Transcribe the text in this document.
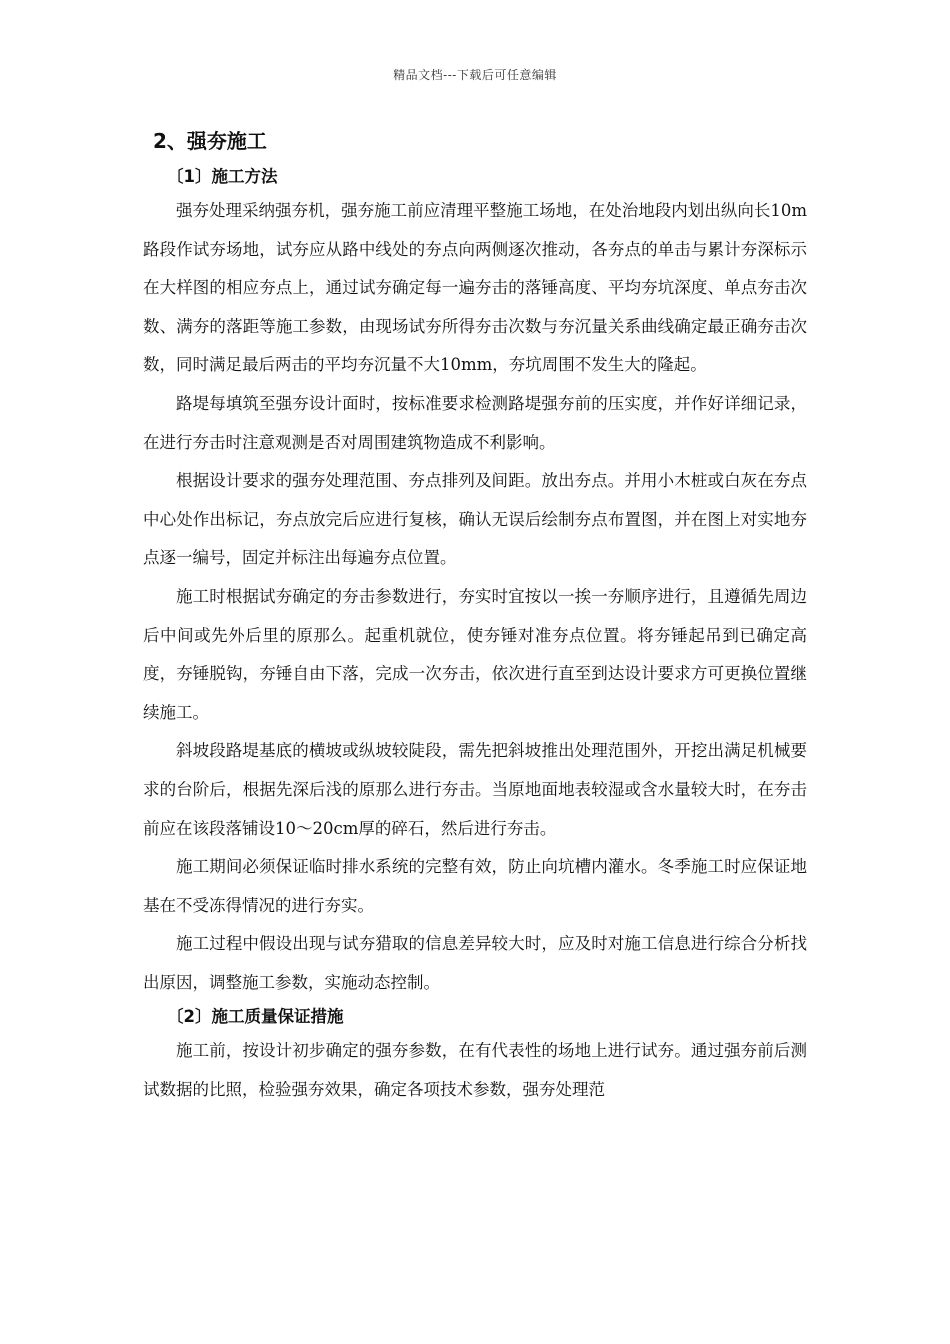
精品文档---下载后可任意编辑
2、强夯施工
〔1〕施工方法

强夯处理采纳强夯机，强夯施工前应清理平整施工场地，在处治地段内划出纵向长10m路段作试夯场地，试夯应从路中线处的夯点向两侧逐次推动，各夯点的单击与累计夯深标示在大样图的相应夯点上，通过试夯确定每一遍夯击的落锤高度、平均夯坑深度、单点夯击次数、满夯的落距等施工参数，由现场试夯所得夯击次数与夯沉量关系曲线确定最正确夯击次数，同时满足最后两击的平均夯沉量不大10mm，夯坑周围不发生大的隆起。

路堤每填筑至强夯设计面时，按标准要求检测路堤强夯前的压实度，并作好详细记录，在进行夯击时注意观测是否对周围建筑物造成不利影响。

根据设计要求的强夯处理范围、夯点排列及间距。放出夯点。并用小木桩或白灰在夯点中心处作出标记，夯点放完后应进行复核，确认无误后绘制夯点布置图，并在图上对实地夯点逐一编号，固定并标注出每遍夯点位置。

施工时根据试夯确定的夯击参数进行，夯实时宜按以一挨一夯顺序进行，且遵循先周边后中间或先外后里的原那么。起重机就位，使夯锤对准夯点位置。将夯锤起吊到已确定高度，夯锤脱钩，夯锤自由下落，完成一次夯击，依次进行直至到达设计要求方可更换位置继续施工。

斜坡段路堤基底的横坡或纵坡较陡段，需先把斜坡推出处理范围外，开挖出满足机械要求的台阶后，根据先深后浅的原那么进行夯击。当原地面地表较湿或含水量较大时，在夯击前应在该段落铺设10～20cm厚的碎石，然后进行夯击。

施工期间必须保证临时排水系统的完整有效，防止向坑槽内灌水。冬季施工时应保证地基在不受冻得情况的进行夯实。

施工过程中假设出现与试夯猎取的信息差异较大时，应及时对施工信息进行综合分析找出原因，调整施工参数，实施动态控制。

〔2〕施工质量保证措施

施工前，按设计初步确定的强夯参数，在有代表性的场地上进行试夯。通过强夯前后测试数据的比照，检验强夯效果，确定各项技术参数，强夯处理范
